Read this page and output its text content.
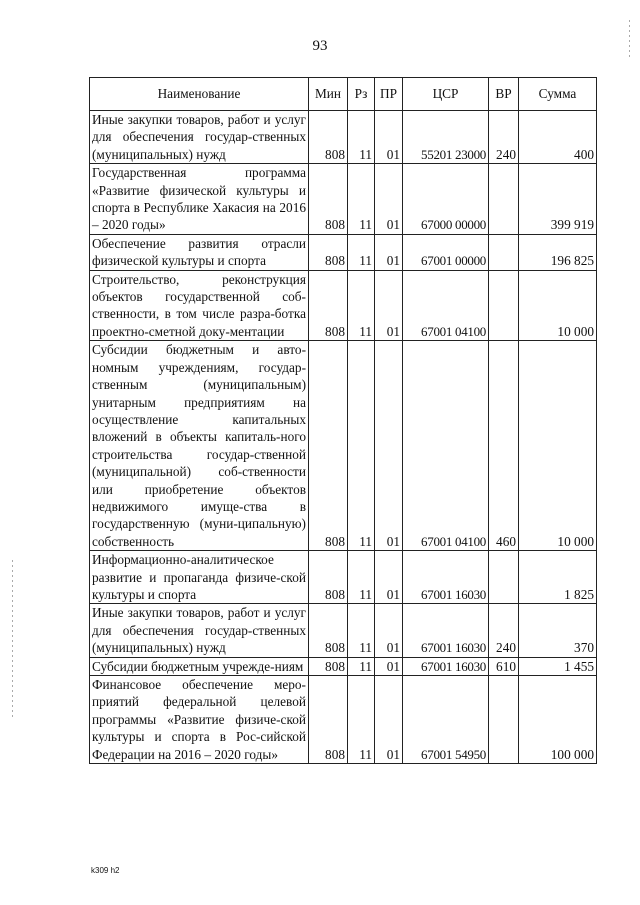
93
Наименование	Мин	Рз	ПР	ЦСР	ВР	Сумма
Иные закупки товаров, работ и услуг для обеспечения государ-ственных (муниципальных) нужд	808	11	01	55201 23000	240	400
Государственная программа «Развитие физической культуры и спорта в Республике Хакасия на 2016 – 2020 годы»	808	11	01	67000 00000		399 919
Обеспечение развития отрасли физической культуры и спорта	808	11	01	67001 00000		196 825
Строительство, реконструкция объектов государственной соб-ственности, в том числе разра-ботка проектно-сметной доку-ментации	808	11	01	67001 04100		10 000
Субсидии бюджетным и авто-номным учреждениям, государ-ственным (муниципальным) унитарным предприятиям на осуществление капитальных вложений в объекты капиталь-ного строительства государ-ственной (муниципальной) соб-ственности или приобретение объектов недвижимого имуще-ства в государственную (муни-ципальную) собственность	808	11	01	67001 04100	460	10 000
Информационно-аналитическое развитие и пропаганда физиче-ской культуры и спорта	808	11	01	67001 16030		1 825
Иные закупки товаров, работ и услуг для обеспечения государ-ственных (муниципальных) нужд	808	11	01	67001 16030	240	370
Субсидии бюджетным учрежде-ниям	808	11	01	67001 16030	610	1 455
Финансовое обеспечение меро-приятий федеральной целевой программы «Развитие физиче-ской культуры и спорта в Рос-сийской Федерации на 2016 – 2020 годы»	808	11	01	67001 54950		100 000
k309 h2
